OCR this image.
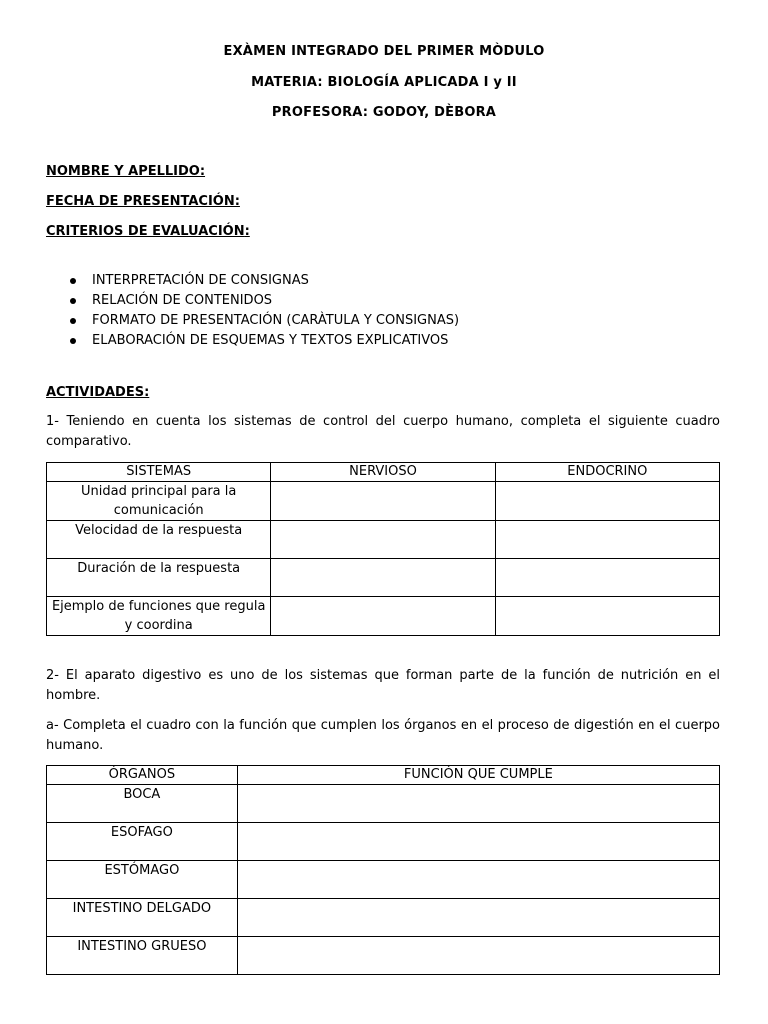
EXÀMEN INTEGRADO DEL PRIMER MÒDULO
MATERIA: BIOLOGÍA APLICADA I y II
PROFESORA: GODOY, DÈBORA
NOMBRE Y APELLIDO:
FECHA DE PRESENTACIÓN:
CRITERIOS DE EVALUACIÓN:
INTERPRETACIÓN DE CONSIGNAS
RELACIÓN DE CONTENIDOS
FORMATO DE PRESENTACIÓN (CARÀTULA Y CONSIGNAS)
ELABORACIÓN DE ESQUEMAS Y TEXTOS EXPLICATIVOS
ACTIVIDADES:
1- Teniendo en cuenta los sistemas de control del cuerpo humano, completa el siguiente cuadro comparativo.
SISTEMAS	NERVIOSO	ENDOCRINO
Unidad principal para la comunicación		
Velocidad de la respuesta		
Duración de la respuesta		
Ejemplo de funciones que regula y coordina		
2- El aparato digestivo es uno de los sistemas que forman parte de la función de nutrición en el hombre.
a- Completa el cuadro con la función que cumplen los órganos en el proceso de digestión en el cuerpo humano.
ÓRGANOS	FUNCIÓN QUE CUMPLE
BOCA	
ESOFAGO	
ESTÓMAGO	
INTESTINO DELGADO	
INTESTINO GRUESO	
